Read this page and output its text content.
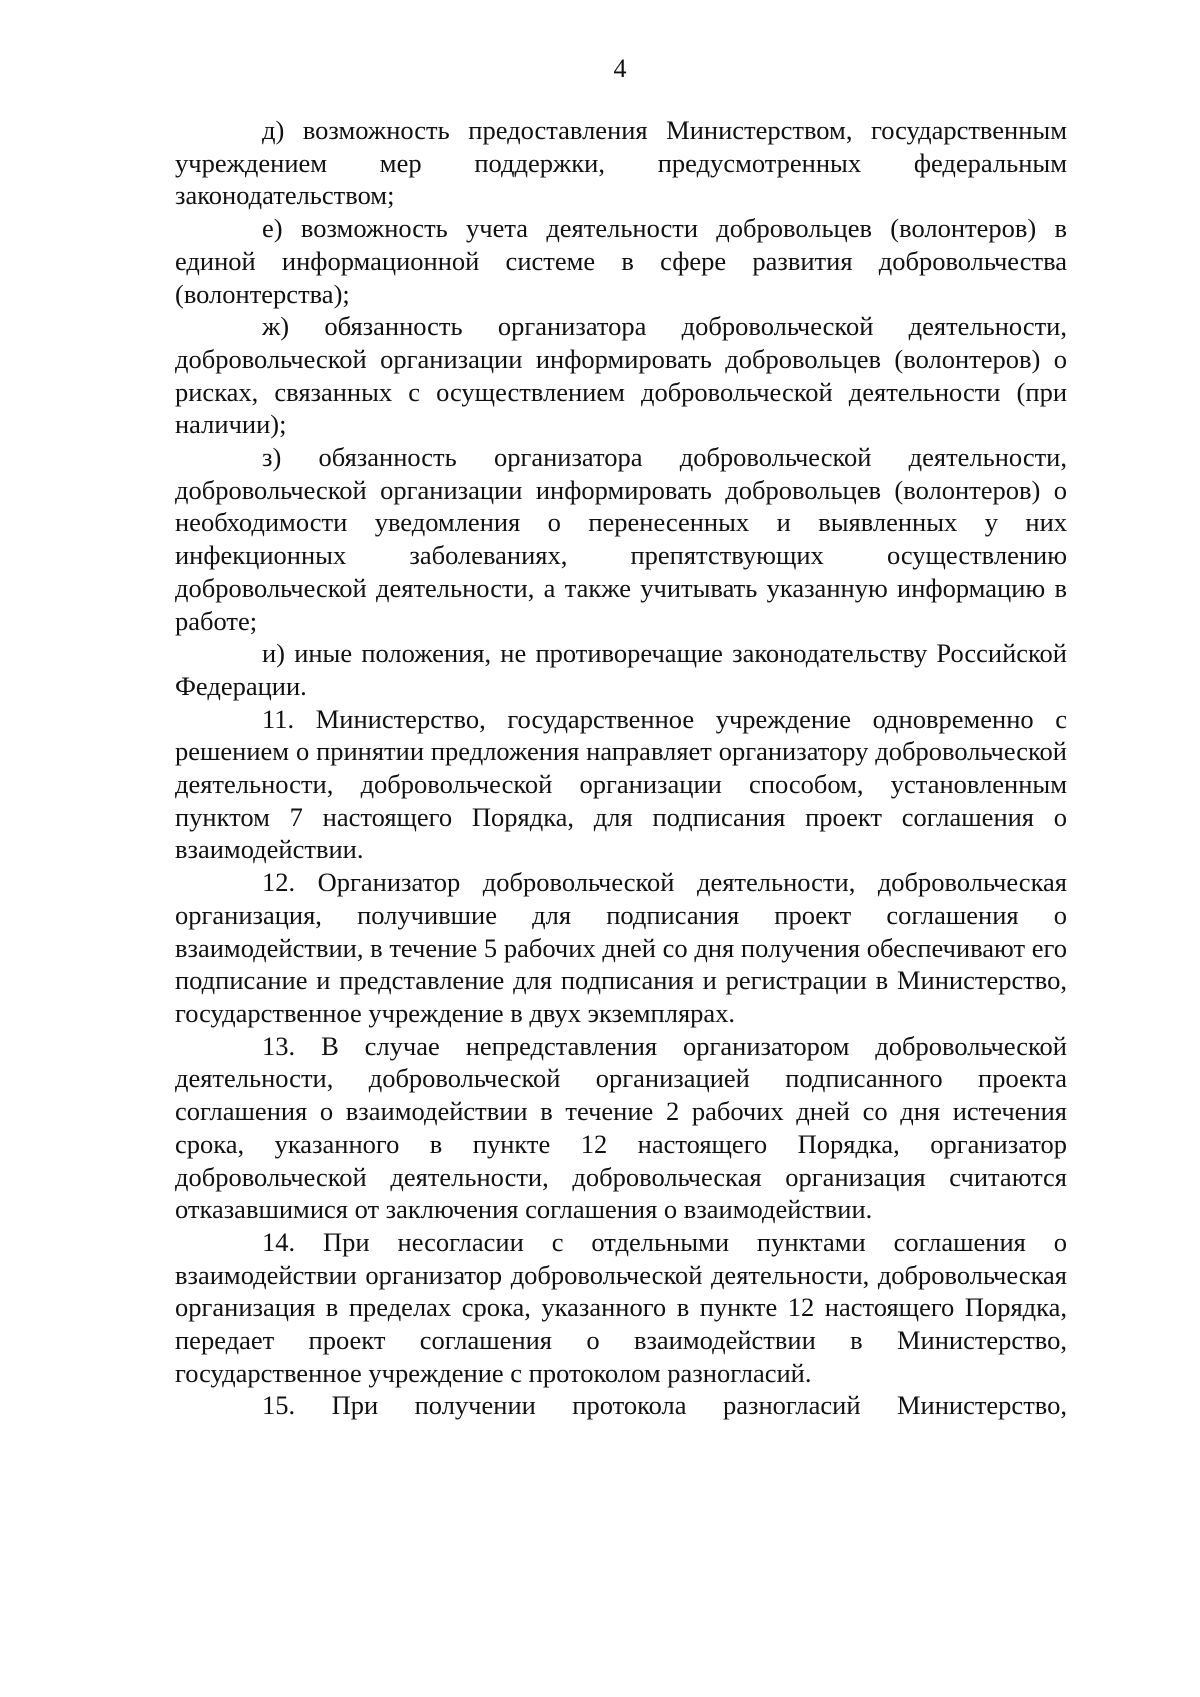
4

д) возможность предоставления Министерством, государственным учреждением мер поддержки, предусмотренных федеральным законодательством;

е) возможность учета деятельности добровольцев (волонтеров) в единой информационной системе в сфере развития добровольчества (волонтерства);

ж) обязанность организатора добровольческой деятельности, добровольческой организации информировать добровольцев (волонтеров) о рисках, связанных с осуществлением добровольческой деятельности (при наличии);

з) обязанность организатора добровольческой деятельности, добровольческой организации информировать добровольцев (волонтеров) о необходимости уведомления о перенесенных и выявленных у них инфекционных заболеваниях, препятствующих осуществлению добровольческой деятельности, а также учитывать указанную информацию в работе;

и) иные положения, не противоречащие законодательству Российской Федерации.

11. Министерство, государственное учреждение одновременно с решением о принятии предложения направляет организатору добровольческой деятельности, добровольческой организации способом, установленным пунктом 7 настоящего Порядка, для подписания проект соглашения о взаимодействии.

12. Организатор добровольческой деятельности, добровольческая организация, получившие для подписания проект соглашения о взаимодействии, в течение 5 рабочих дней со дня получения обеспечивают его подписание и представление для подписания и регистрации в Министерство, государственное учреждение в двух экземплярах.

13. В случае непредставления организатором добровольческой деятельности, добровольческой организацией подписанного проекта соглашения о взаимодействии в течение 2 рабочих дней со дня истечения срока, указанного в пункте 12 настоящего Порядка, организатор добровольческой деятельности, добровольческая организация считаются отказавшимися от заключения соглашения о взаимодействии.

14. При несогласии с отдельными пунктами соглашения о взаимодействии организатор добровольческой деятельности, добровольческая организация в пределах срока, указанного в пункте 12 настоящего Порядка, передает проект соглашения о взаимодействии в Министерство, государственное учреждение с протоколом разногласий.

15. При получении протокола разногласий Министерство,
